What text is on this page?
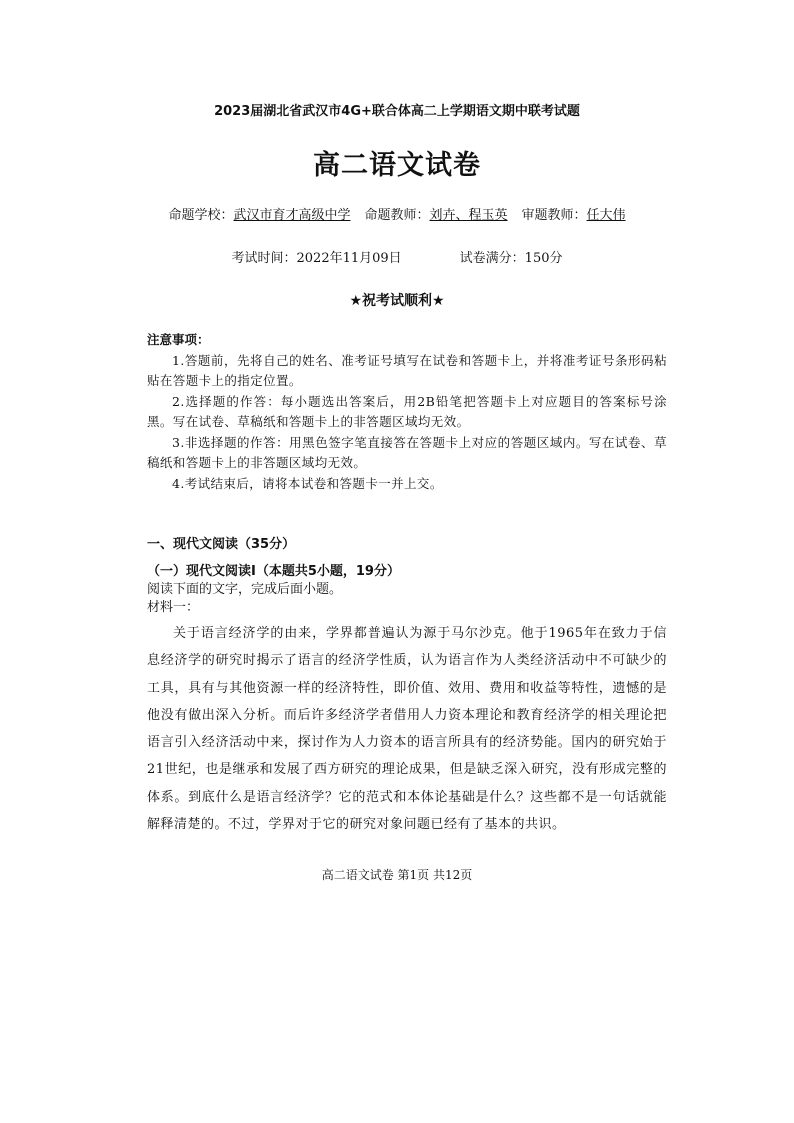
2023届湖北省武汉市4G+联合体高二上学期语文期中联考试题
高二语文试卷
命题学校：武汉市育才高级中学 命题教师：刘卉、程玉英 审题教师：任大伟
考试时间：2022年11月09日	试卷满分：150分
★祝考试顺利★
注意事项：

1.答题前，先将自己的姓名、准考证号填写在试卷和答题卡上，并将准考证号条形码粘贴在答题卡上的指定位置。

2.选择题的作答：每小题选出答案后，用2B铅笔把答题卡上对应题目的答案标号涂黑。写在试卷、草稿纸和答题卡上的非答题区域均无效。

3.非选择题的作答：用黑色签字笔直接答在答题卡上对应的答题区域内。写在试卷、草稿纸和答题卡上的非答题区域均无效。

4.考试结束后，请将本试卷和答题卡一并上交。

一、现代文阅读（35分）
（一）现代文阅读Ⅰ（本题共5小题，19分）
阅读下面的文字，完成后面小题。
材料一：

关于语言经济学的由来，学界都普遍认为源于马尔沙克。他于1965年在致力于信息经济学的研究时揭示了语言的经济学性质，认为语言作为人类经济活动中不可缺少的工具，具有与其他资源一样的经济特性，即价值、效用、费用和收益等特性，遗憾的是他没有做出深入分析。而后许多经济学者借用人力资本理论和教育经济学的相关理论把语言引入经济活动中来，探讨作为人力资本的语言所具有的经济势能。国内的研究始于21世纪，也是继承和发展了西方研究的理论成果，但是缺乏深入研究，没有形成完整的体系。到底什么是语言经济学？它的范式和本体论基础是什么？这些都不是一句话就能解释清楚的。不过，学界对于它的研究对象问题已经有了基本的共识。

高二语文试卷 第1页 共12页
